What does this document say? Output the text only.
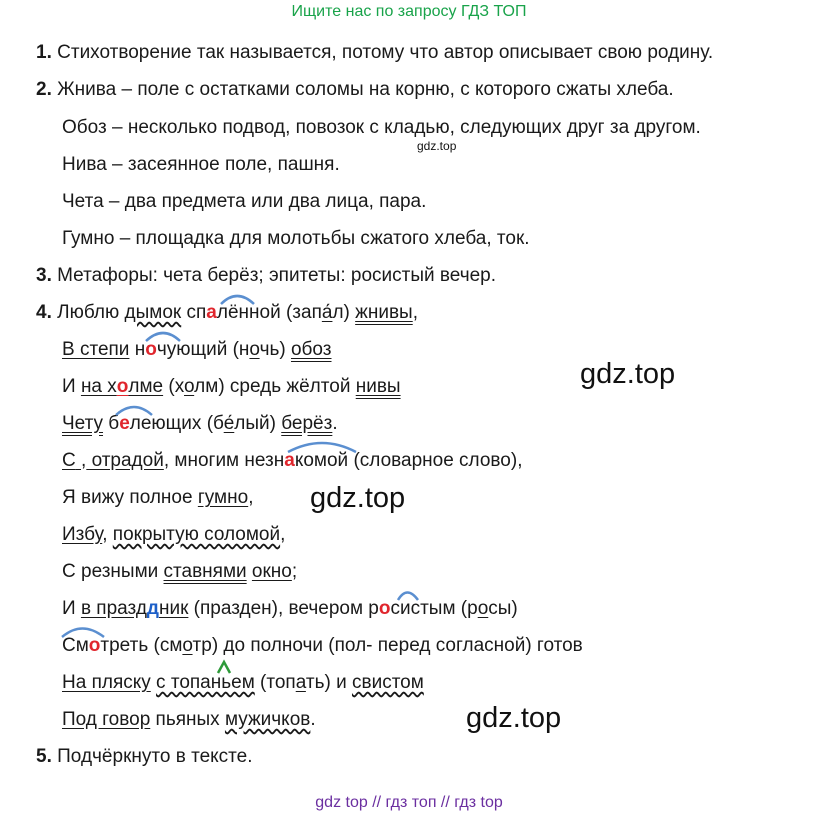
Ищите нас по запросу ГДЗ ТОП
1. Стихотворение так называется, потому что автор описывает свою родину.
2. Жнива – поле с остатками соломы на корню, с которого сжаты хлеба.
Обоз – несколько подвод, повозок с кладью, следующих друг за другом.
gdz.top
Нива – засеянное поле, пашня.
Чета – два предмета или два лица, пара.
Гумно – площадка для молотьбы сжатого хлеба, ток.
3. Метафоры: чета берёз; эпитеты: росистый вечер.
4. Люблю дымок спалённой (запа́л) жнивы,
В степи ночующий (ночь) обоз
И на холме (холм) средь жёлтой нивы
Чету белеющих (бе́лый) берёз.
С , отрадой, многим незнакомой (словарное слово),
Я вижу полное гумно,
Избу, покрытую соломой,
С резными ставнями окно;
И в празддник (празден), вечером росистым (росы)
Смотреть (смотр) до полночи (пол- перед согласной) готов
На пляску с топаньем (топать) и свистом
Под говор пьяных мужичков.
5. Подчёркнуто в тексте.
gdz.top
gdz.top
gdz.top
gdz top // гдз топ // гдз top
